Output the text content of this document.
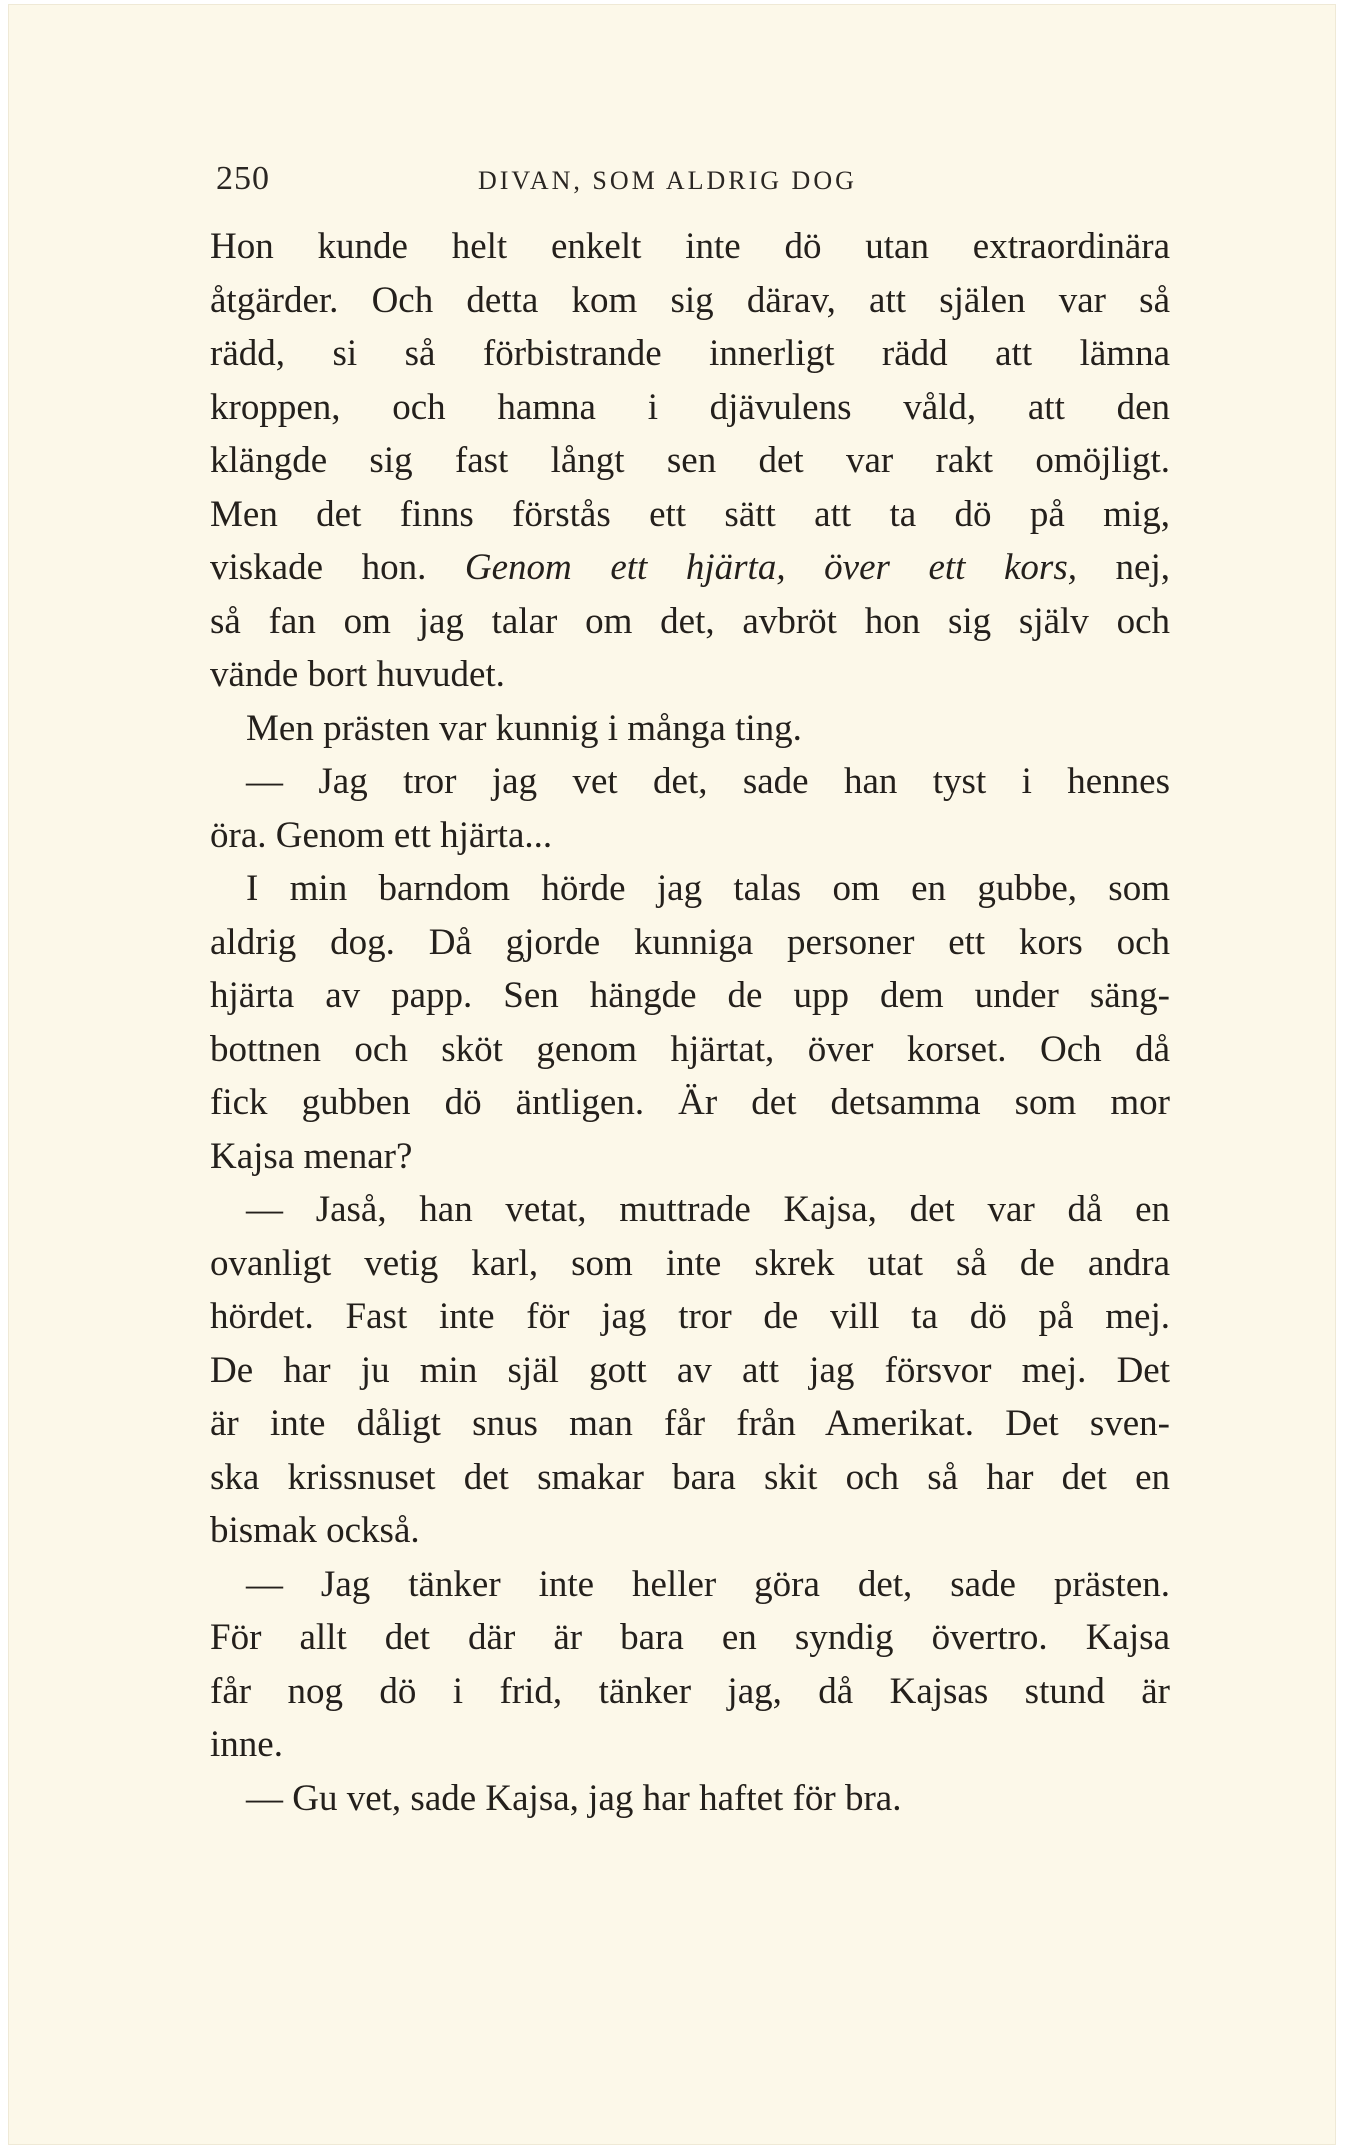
250	DIVAN, SOM ALDRIG DOG

Hon kunde helt enkelt inte dö utan extraordinära

åtgärder. Och detta kom sig därav, att själen var så

rädd, si så förbistrande innerligt rädd att lämna

kroppen, och hamna i djävulens våld, att den

klängde sig fast långt sen det var rakt omöjligt.

Men det finns förstås ett sätt att ta dö på mig,

viskade hon. Genom ett hjärta, över ett kors, nej,

så fan om jag talar om det, avbröt hon sig själv och

vände bort huvudet.

Men prästen var kunnig i många ting.

— Jag tror jag vet det, sade han tyst i hennes

öra. Genom ett hjärta...

I min barndom hörde jag talas om en gubbe, som

aldrig dog. Då gjorde kunniga personer ett kors och

hjärta av papp. Sen hängde de upp dem under säng-

bottnen och sköt genom hjärtat, över korset. Och då

fick gubben dö äntligen. Är det detsamma som mor

Kajsa menar?

— Jaså, han vetat, muttrade Kajsa, det var då en

ovanligt vetig karl, som inte skrek utat så de andra

hördet. Fast inte för jag tror de vill ta dö på mej.

De har ju min själ gott av att jag försvor mej. Det

är inte dåligt snus man får från Amerikat. Det sven-

ska krissnuset det smakar bara skit och så har det en

bismak också.

— Jag tänker inte heller göra det, sade prästen.

För allt det där är bara en syndig övertro. Kajsa

får nog dö i frid, tänker jag, då Kajsas stund är

inne.

— Gu vet, sade Kajsa, jag har haftet för bra.
